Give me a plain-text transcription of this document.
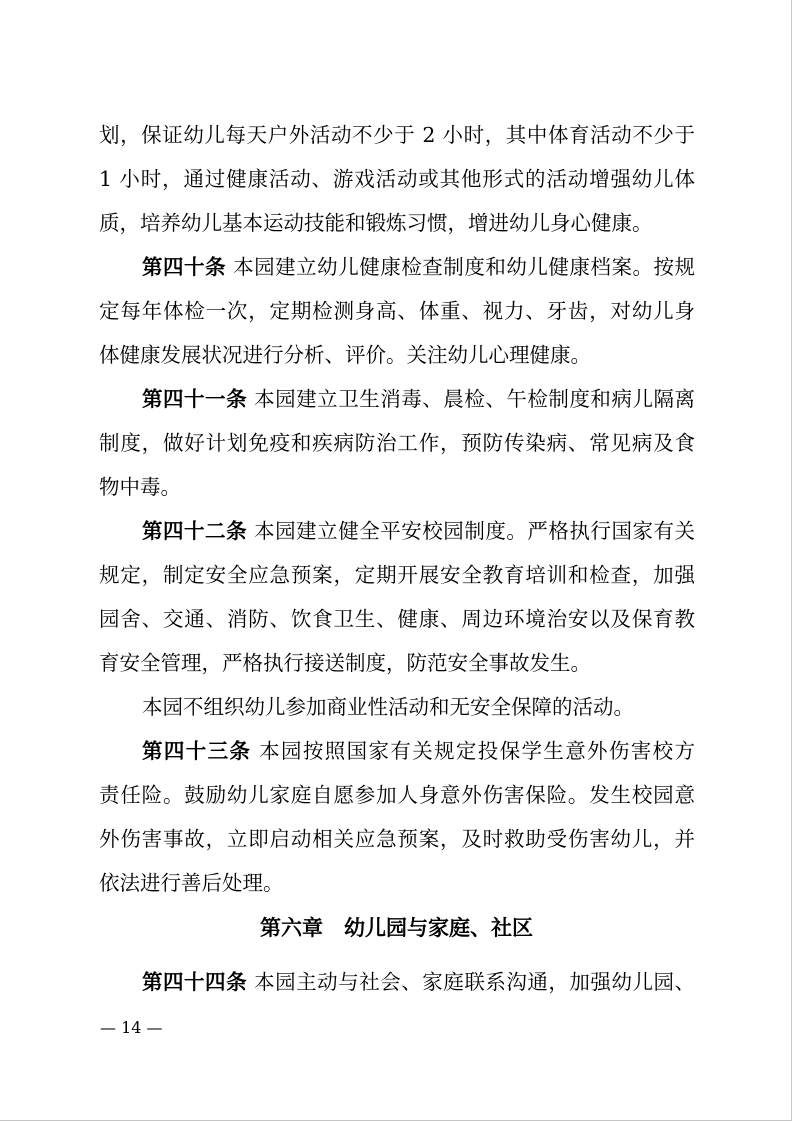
划，保证幼儿每天户外活动不少于 2 小时，其中体育活动不少于
1 小时，通过健康活动、游戏活动或其他形式的活动增强幼儿体
质，培养幼儿基本运动技能和锻炼习惯，增进幼儿身心健康。
第四十条 本园建立幼儿健康检查制度和幼儿健康档案。按规
定每年体检一次，定期检测身高、体重、视力、牙齿，对幼儿身
体健康发展状况进行分析、评价。关注幼儿心理健康。
第四十一条 本园建立卫生消毒、晨检、午检制度和病儿隔离
制度，做好计划免疫和疾病防治工作，预防传染病、常见病及食
物中毒。
第四十二条 本园建立健全平安校园制度。严格执行国家有关
规定，制定安全应急预案，定期开展安全教育培训和检查，加强
园舍、交通、消防、饮食卫生、健康、周边环境治安以及保育教
育安全管理，严格执行接送制度，防范安全事故发生。
本园不组织幼儿参加商业性活动和无安全保障的活动。
第四十三条 本园按照国家有关规定投保学生意外伤害校方
责任险。鼓励幼儿家庭自愿参加人身意外伤害保险。发生校园意
外伤害事故，立即启动相关应急预案，及时救助受伤害幼儿，并
依法进行善后处理。
第六章　幼儿园与家庭、社区
第四十四条 本园主动与社会、家庭联系沟通，加强幼儿园、
— 14 —
